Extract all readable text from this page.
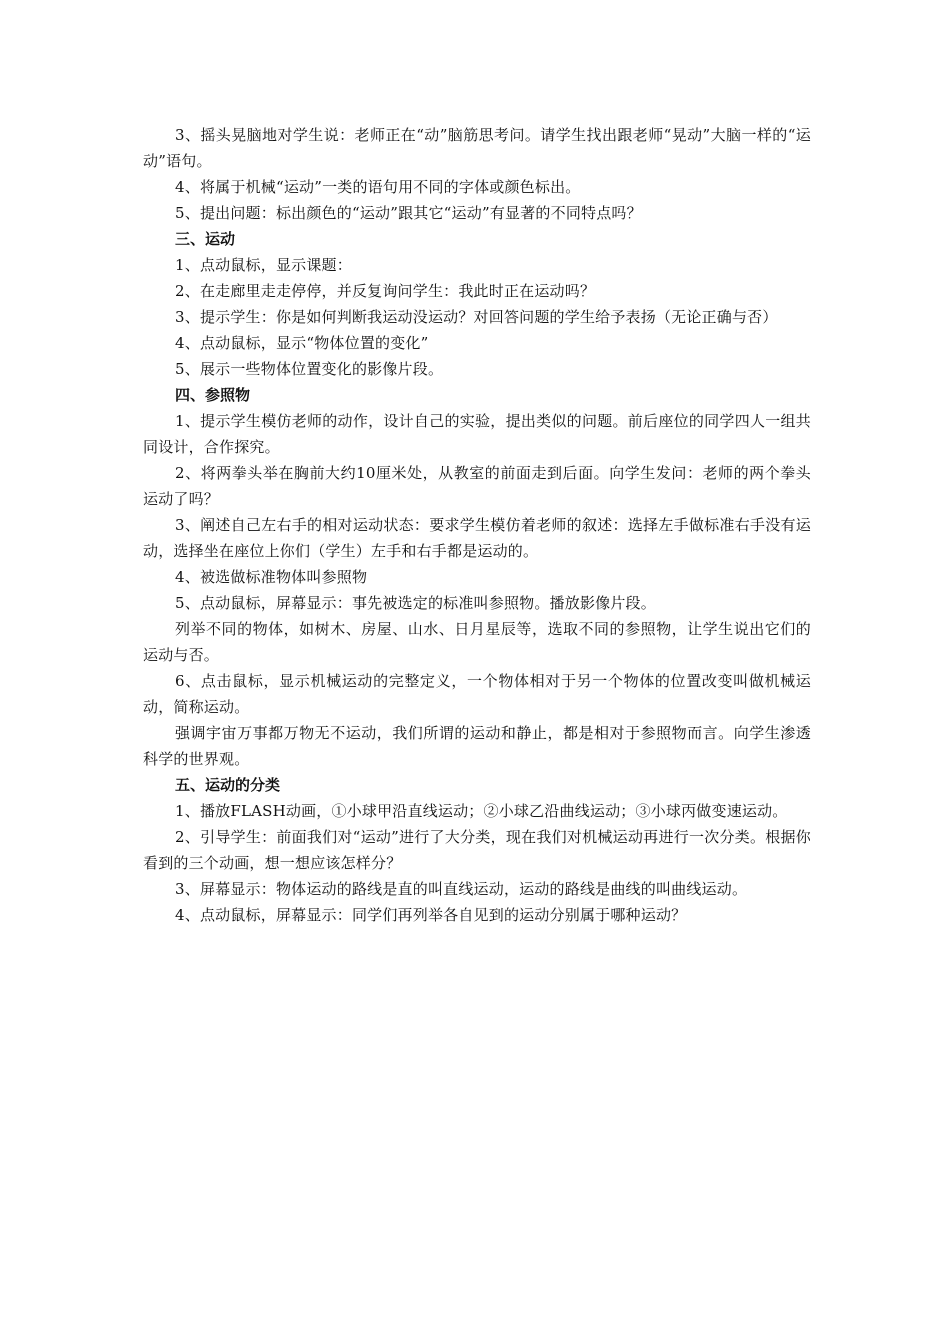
3、摇头晃脑地对学生说：老师正在“动”脑筋思考问。请学生找出跟老师“晃动”大脑一样的“运动”语句。

4、将属于机械“运动”一类的语句用不同的字体或颜色标出。

5、提出问题：标出颜色的“运动”跟其它“运动”有显著的不同特点吗？

三、运动

1、点动鼠标，显示课题：

2、在走廊里走走停停，并反复询问学生：我此时正在运动吗？

3、提示学生：你是如何判断我运动没运动？对回答问题的学生给予表扬（无论正确与否）

4、点动鼠标，显示“物体位置的变化”

5、展示一些物体位置变化的影像片段。

四、参照物

1、提示学生模仿老师的动作，设计自己的实验，提出类似的问题。前后座位的同学四人一组共同设计，合作探究。

2、将两拳头举在胸前大约10厘米处，从教室的前面走到后面。向学生发问：老师的两个拳头运动了吗？

3、阐述自己左右手的相对运动状态：要求学生模仿着老师的叙述：选择左手做标准右手没有运动，选择坐在座位上你们（学生）左手和右手都是运动的。

4、被选做标准物体叫参照物

5、点动鼠标，屏幕显示：事先被选定的标准叫参照物。播放影像片段。

列举不同的物体，如树木、房屋、山水、日月星辰等，选取不同的参照物，让学生说出它们的运动与否。

6、点击鼠标，显示机械运动的完整定义，一个物体相对于另一个物体的位置改变叫做机械运动，简称运动。

强调宇宙万事都万物无不运动，我们所谓的运动和静止，都是相对于参照物而言。向学生渗透科学的世界观。

五、运动的分类

1、播放FLASH动画，①小球甲沿直线运动；②小球乙沿曲线运动；③小球丙做变速运动。

2、引导学生：前面我们对“运动”进行了大分类，现在我们对机械运动再进行一次分类。根据你看到的三个动画，想一想应该怎样分？

3、屏幕显示：物体运动的路线是直的叫直线运动，运动的路线是曲线的叫曲线运动。

4、点动鼠标，屏幕显示：同学们再列举各自见到的运动分别属于哪种运动？
